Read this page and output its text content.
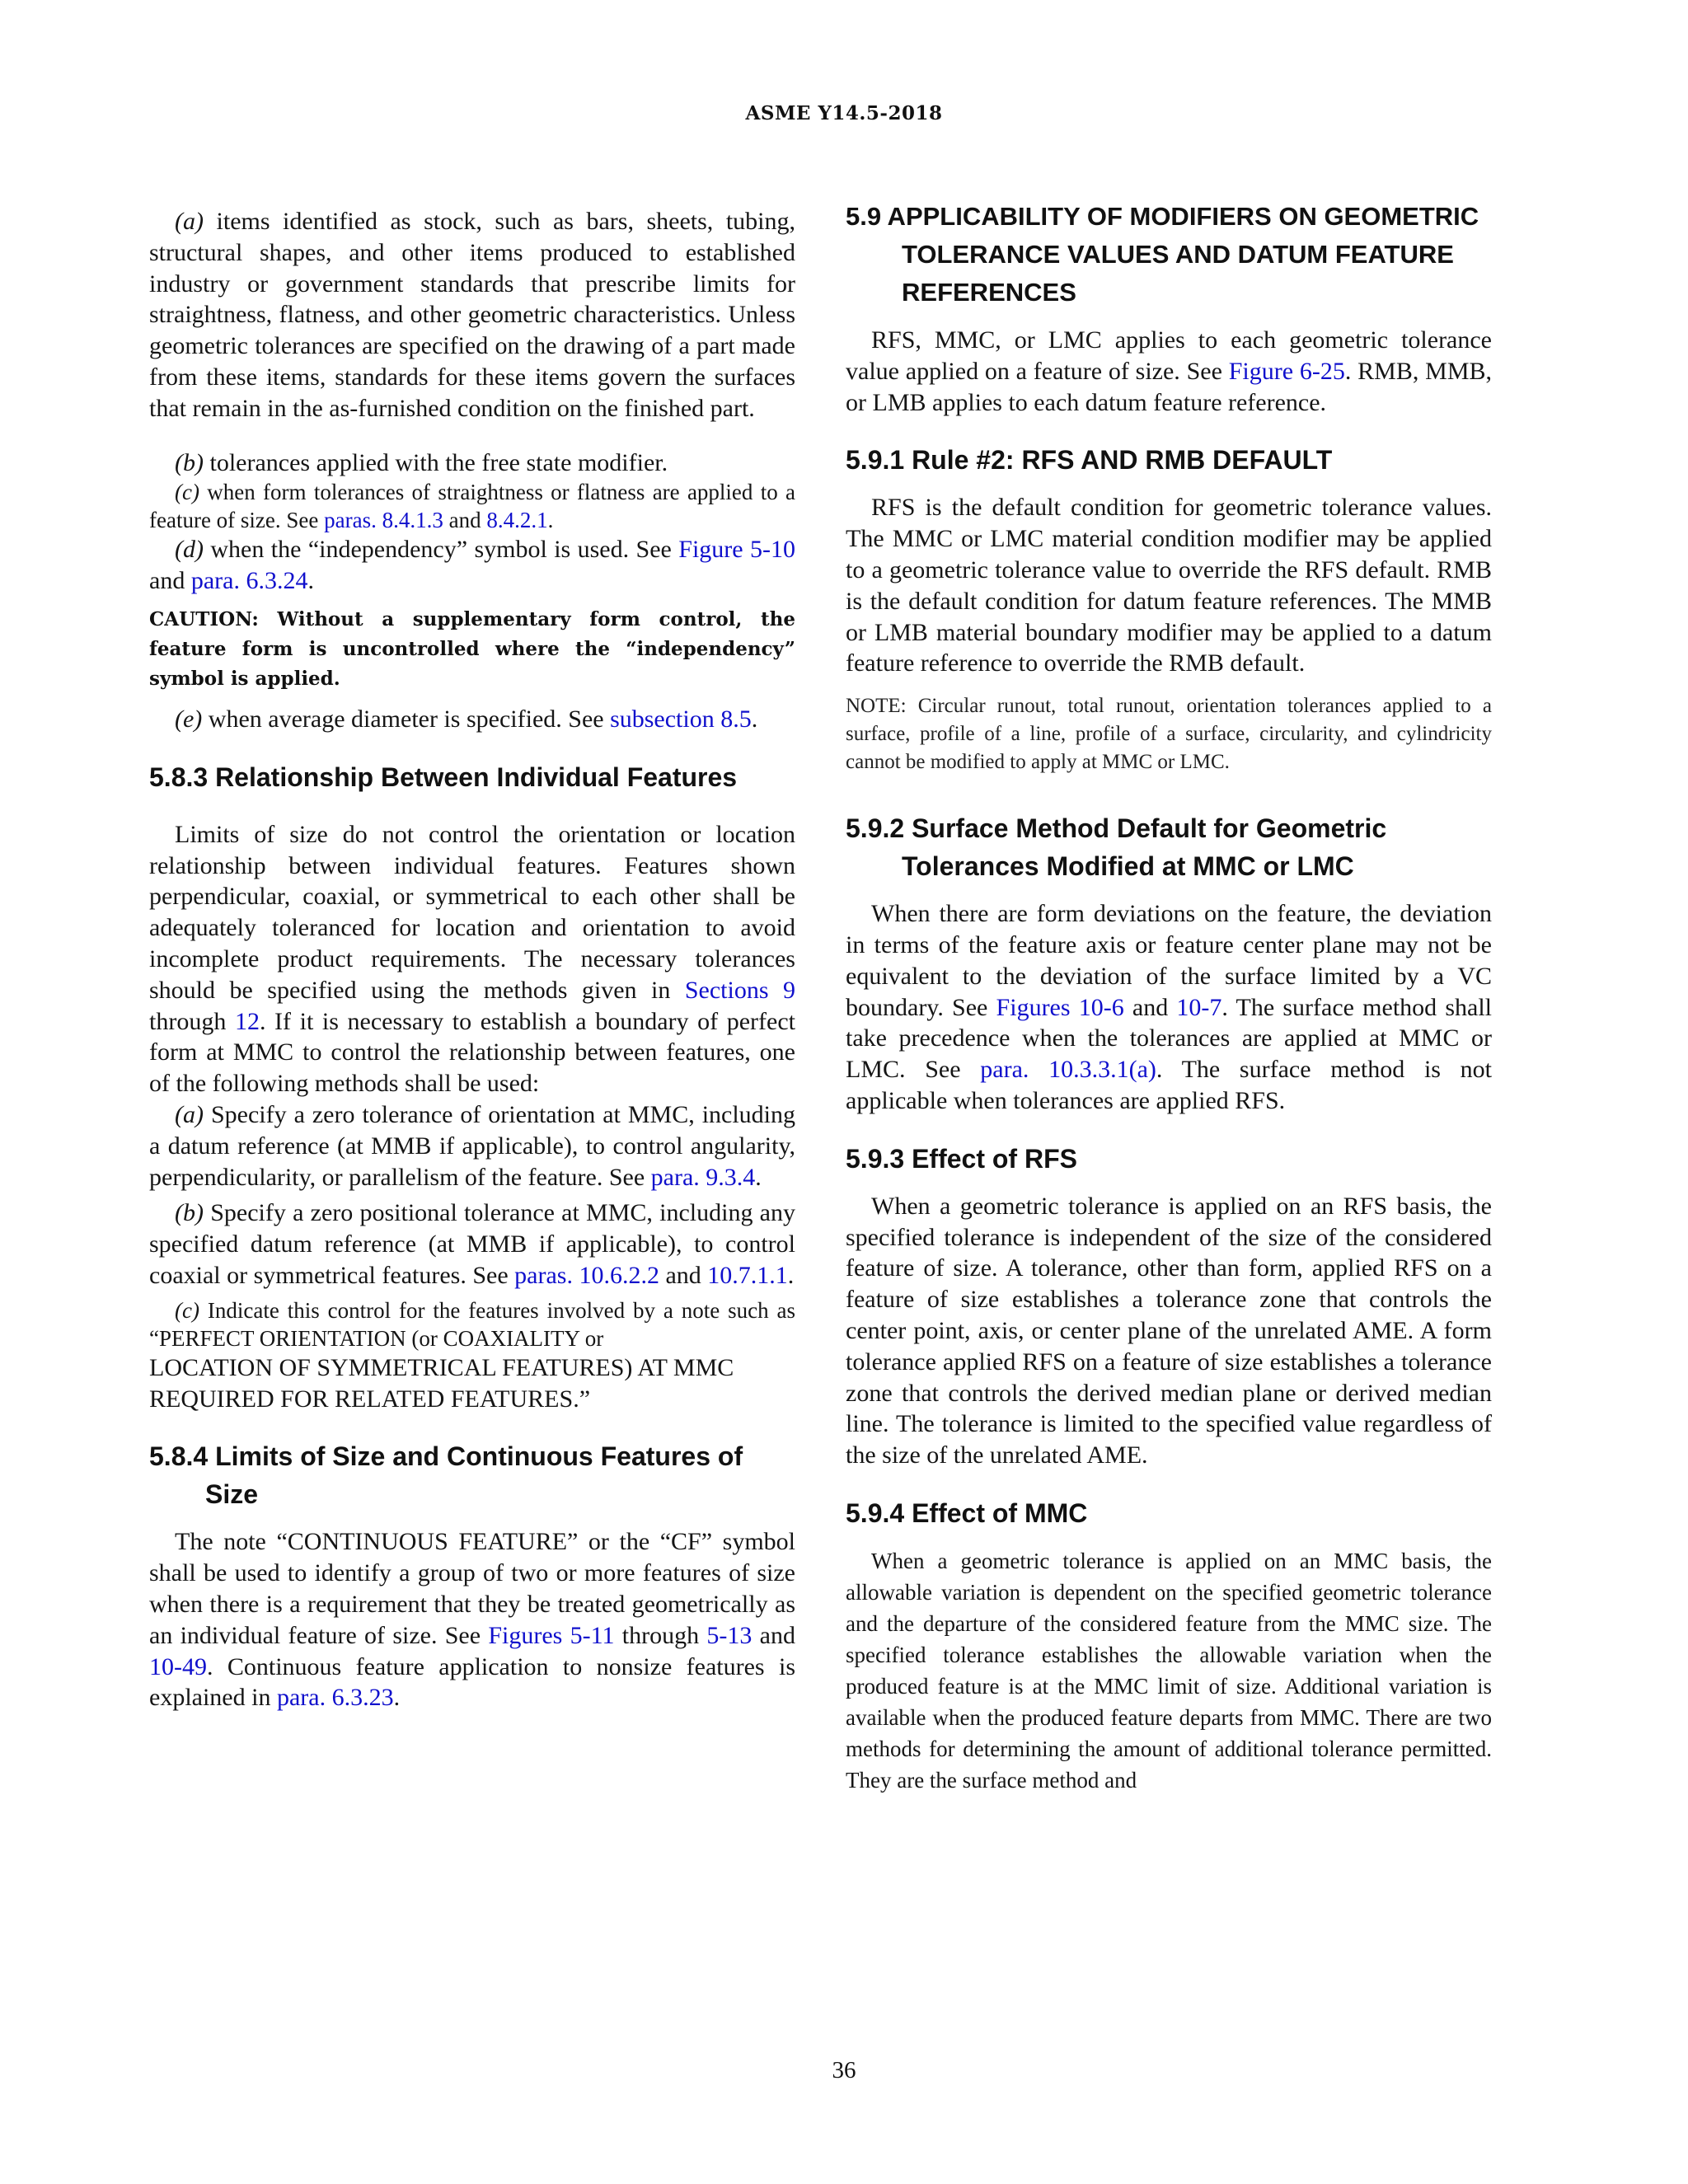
ASME Y14.5-2018

(a) items identified as stock, such as bars, sheets, tubing, structural shapes, and other items produced to established industry or government standards that prescribe limits for straightness, flatness, and other geometric characteristics. Unless geometric tolerances are specified on the drawing of a part made from these items, standards for these items govern the surfaces that remain in the as-furnished condition on the finished part.

(b) tolerances applied with the free state modifier.

(c) when form tolerances of straightness or flatness are applied to a feature of size. See paras. 8.4.1.3 and 8.4.2.1.

(d) when the “independency” symbol is used. See Figure 5-10 and para. 6.3.24.

CAUTION: Without a supplementary form control, the feature form is uncontrolled where the “independency” symbol is applied.

(e) when average diameter is specified. See subsection 8.5.

5.8.3 Relationship Between Individual Features

Limits of size do not control the orientation or location relationship between individual features. Features shown perpendicular, coaxial, or symmetrical to each other shall be adequately toleranced for location and orientation to avoid incomplete product requirements. The necessary tolerances should be specified using the methods given in Sections 9 through 12. If it is necessary to establish a boundary of perfect form at MMC to control the relationship between features, one of the following methods shall be used:

(a) Specify a zero tolerance of orientation at MMC, including a datum reference (at MMB if applicable), to control angularity, perpendicularity, or parallelism of the feature. See para. 9.3.4.

(b) Specify a zero positional tolerance at MMC, including any specified datum reference (at MMB if applicable), to control coaxial or symmetrical features. See paras. 10.6.2.2 and 10.7.1.1.

(c) Indicate this control for the features involved by a note such as “PERFECT ORIENTATION (or COAXIALITY or

LOCATION OF SYMMETRICAL FEATURES) AT MMC REQUIRED FOR RELATED FEATURES.”

5.8.4 Limits of Size and Continuous Features of Size

The note “CONTINUOUS FEATURE” or the “CF” symbol shall be used to identify a group of two or more features of size when there is a requirement that they be treated geometrically as an individual feature of size. See Figures 5-11 through 5-13 and 10-49. Continuous feature application to nonsize features is explained in para. 6.3.23.

5.9 APPLICABILITY OF MODIFIERS ON GEOMETRIC TOLERANCE VALUES AND DATUM FEATURE REFERENCES

RFS, MMC, or LMC applies to each geometric tolerance value applied on a feature of size. See Figure 6-25. RMB, MMB, or LMB applies to each datum feature reference.

5.9.1 Rule #2: RFS AND RMB DEFAULT

RFS is the default condition for geometric tolerance values. The MMC or LMC material condition modifier may be applied to a geometric tolerance value to override the RFS default. RMB is the default condition for datum feature references. The MMB or LMB material boundary modifier may be applied to a datum feature reference to override the RMB default.

NOTE: Circular runout, total runout, orientation tolerances applied to a surface, profile of a line, profile of a surface, circularity, and cylindricity cannot be modified to apply at MMC or LMC.

5.9.2 Surface Method Default for Geometric Tolerances Modified at MMC or LMC

When there are form deviations on the feature, the deviation in terms of the feature axis or feature center plane may not be equivalent to the deviation of the surface limited by a VC boundary. See Figures 10-6 and 10-7. The surface method shall take precedence when the tolerances are applied at MMC or LMC. See para. 10.3.3.1(a). The surface method is not applicable when tolerances are applied RFS.

5.9.3 Effect of RFS

When a geometric tolerance is applied on an RFS basis, the specified tolerance is independent of the size of the considered feature of size. A tolerance, other than form, applied RFS on a feature of size establishes a tolerance zone that controls the center point, axis, or center plane of the unrelated AME. A form tolerance applied RFS on a feature of size establishes a tolerance zone that controls the derived median plane or derived median line. The tolerance is limited to the specified value regardless of the size of the unrelated AME.

5.9.4 Effect of MMC

When a geometric tolerance is applied on an MMC basis, the allowable variation is dependent on the specified geometric tolerance and the departure of the considered feature from the MMC size. The specified tolerance establishes the allowable variation when the produced feature is at the MMC limit of size. Additional variation is available when the produced feature departs from MMC. There are two methods for determining the amount of additional tolerance permitted. They are the surface method and

36
